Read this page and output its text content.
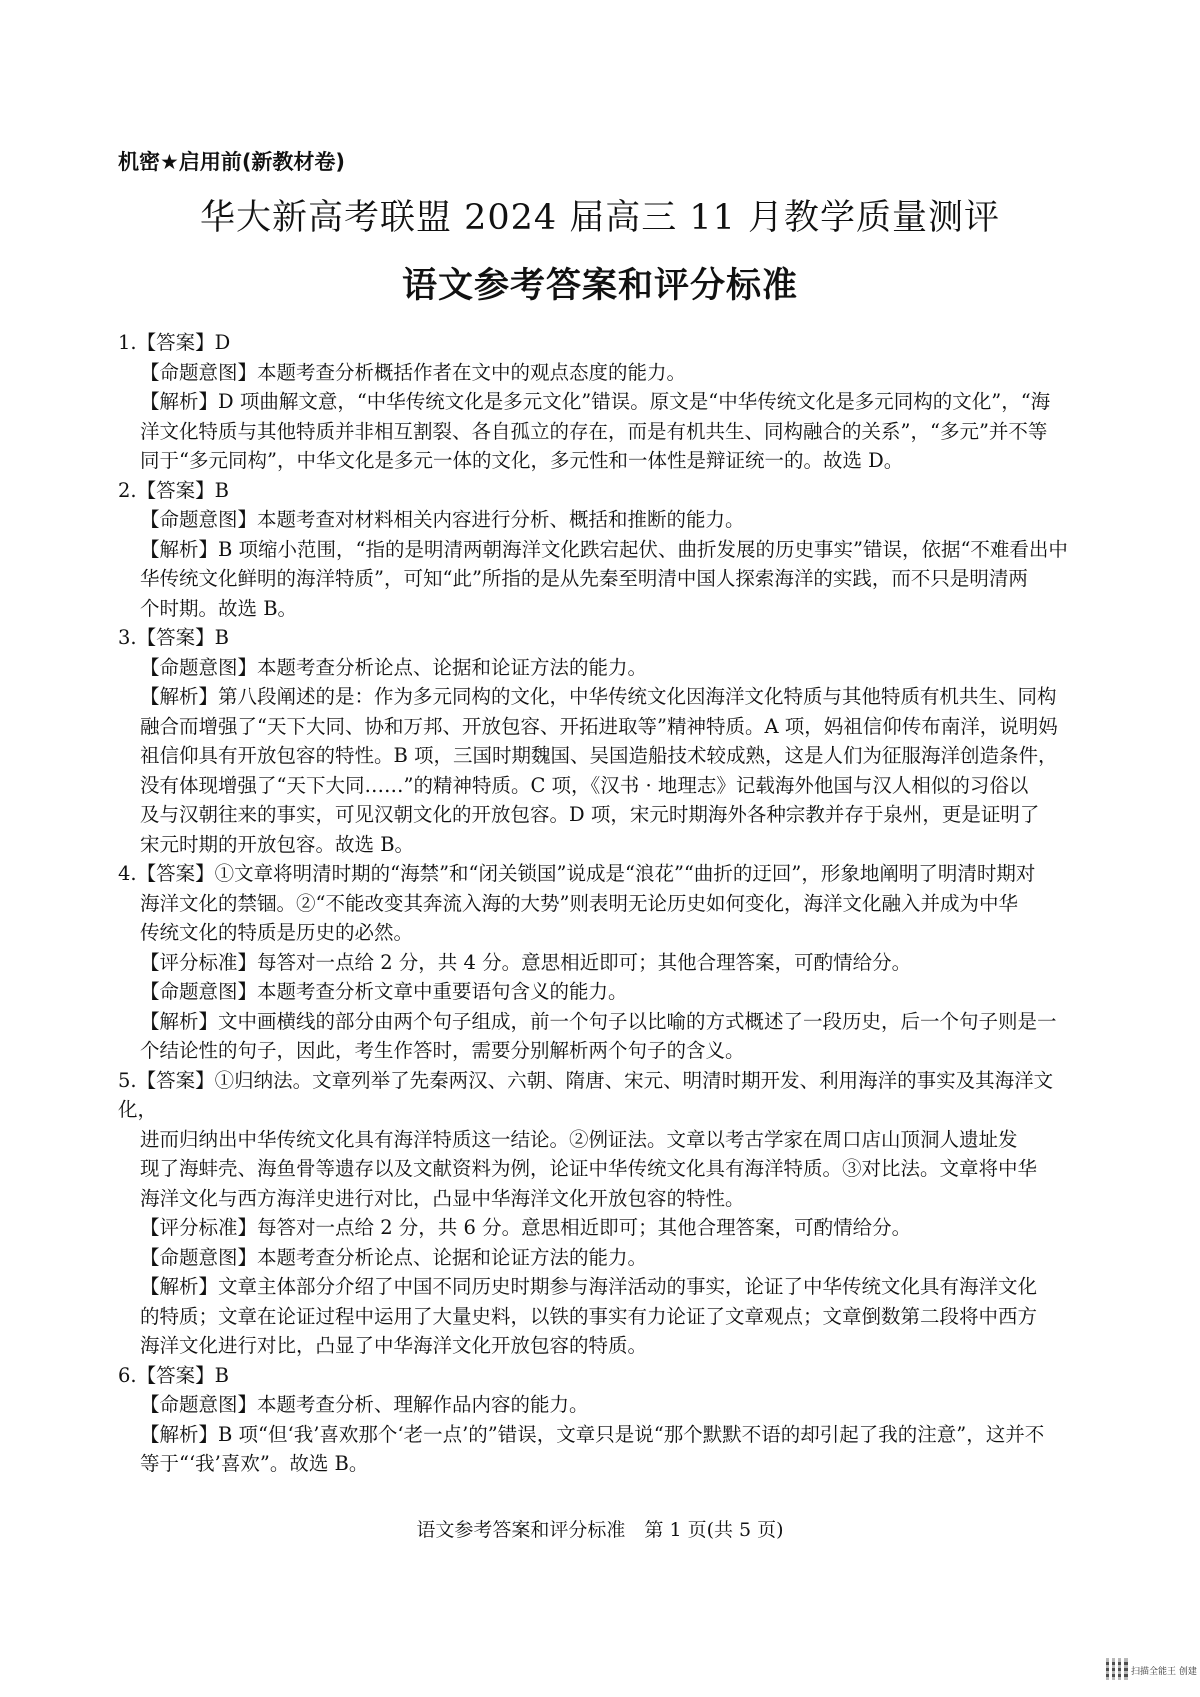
机密★启用前(新教材卷)
华大新高考联盟 2024 届高三 11 月教学质量测评
语文参考答案和评分标准

1.【答案】D

【命题意图】本题考查分析概括作者在文中的观点态度的能力。

【解析】D 项曲解文意，“中华传统文化是多元文化”错误。原文是“中华传统文化是多元同构的文化”，“海

洋文化特质与其他特质并非相互割裂、各自孤立的存在，而是有机共生、同构融合的关系”，“多元”并不等

同于“多元同构”，中华文化是多元一体的文化，多元性和一体性是辩证统一的。故选 D。

2.【答案】B

【命题意图】本题考查对材料相关内容进行分析、概括和推断的能力。

【解析】B 项缩小范围，“指的是明清两朝海洋文化跌宕起伏、曲折发展的历史事实”错误，依据“不难看出中

华传统文化鲜明的海洋特质”，可知“此”所指的是从先秦至明清中国人探索海洋的实践，而不只是明清两

个时期。故选 B。

3.【答案】B

【命题意图】本题考查分析论点、论据和论证方法的能力。

【解析】第八段阐述的是：作为多元同构的文化，中华传统文化因海洋文化特质与其他特质有机共生、同构

融合而增强了“天下大同、协和万邦、开放包容、开拓进取等”精神特质。A 项，妈祖信仰传布南洋，说明妈

祖信仰具有开放包容的特性。B 项，三国时期魏国、吴国造船技术较成熟，这是人们为征服海洋创造条件，

没有体现增强了“天下大同……”的精神特质。C 项，《汉书 · 地理志》记载海外他国与汉人相似的习俗以

及与汉朝往来的事实，可见汉朝文化的开放包容。D 项，宋元时期海外各种宗教并存于泉州，更是证明了

宋元时期的开放包容。故选 B。

4.【答案】①文章将明清时期的“海禁”和“闭关锁国”说成是“浪花”“曲折的迂回”，形象地阐明了明清时期对

海洋文化的禁锢。②“不能改变其奔流入海的大势”则表明无论历史如何变化，海洋文化融入并成为中华

传统文化的特质是历史的必然。

【评分标准】每答对一点给 2 分，共 4 分。意思相近即可；其他合理答案，可酌情给分。

【命题意图】本题考查分析文章中重要语句含义的能力。

【解析】文中画横线的部分由两个句子组成，前一个句子以比喻的方式概述了一段历史，后一个句子则是一

个结论性的句子，因此，考生作答时，需要分别解析两个句子的含义。

5.【答案】①归纳法。文章列举了先秦两汉、六朝、隋唐、宋元、明清时期开发、利用海洋的事实及其海洋文化，

进而归纳出中华传统文化具有海洋特质这一结论。②例证法。文章以考古学家在周口店山顶洞人遗址发

现了海蚌壳、海鱼骨等遗存以及文献资料为例，论证中华传统文化具有海洋特质。③对比法。文章将中华

海洋文化与西方海洋史进行对比，凸显中华海洋文化开放包容的特性。

【评分标准】每答对一点给 2 分，共 6 分。意思相近即可；其他合理答案，可酌情给分。

【命题意图】本题考查分析论点、论据和论证方法的能力。

【解析】文章主体部分介绍了中国不同历史时期参与海洋活动的事实，论证了中华传统文化具有海洋文化

的特质；文章在论证过程中运用了大量史料，以铁的事实有力论证了文章观点；文章倒数第二段将中西方

海洋文化进行对比，凸显了中华海洋文化开放包容的特质。

6.【答案】B

【命题意图】本题考查分析、理解作品内容的能力。

【解析】B 项“但‘我’喜欢那个‘老一点’的”错误，文章只是说“那个默默不语的却引起了我的注意”，这并不

等于“‘我’喜欢”。故选 B。

语文参考答案和评分标准　第 1 页(共 5 页)
扫描全能王 创建
